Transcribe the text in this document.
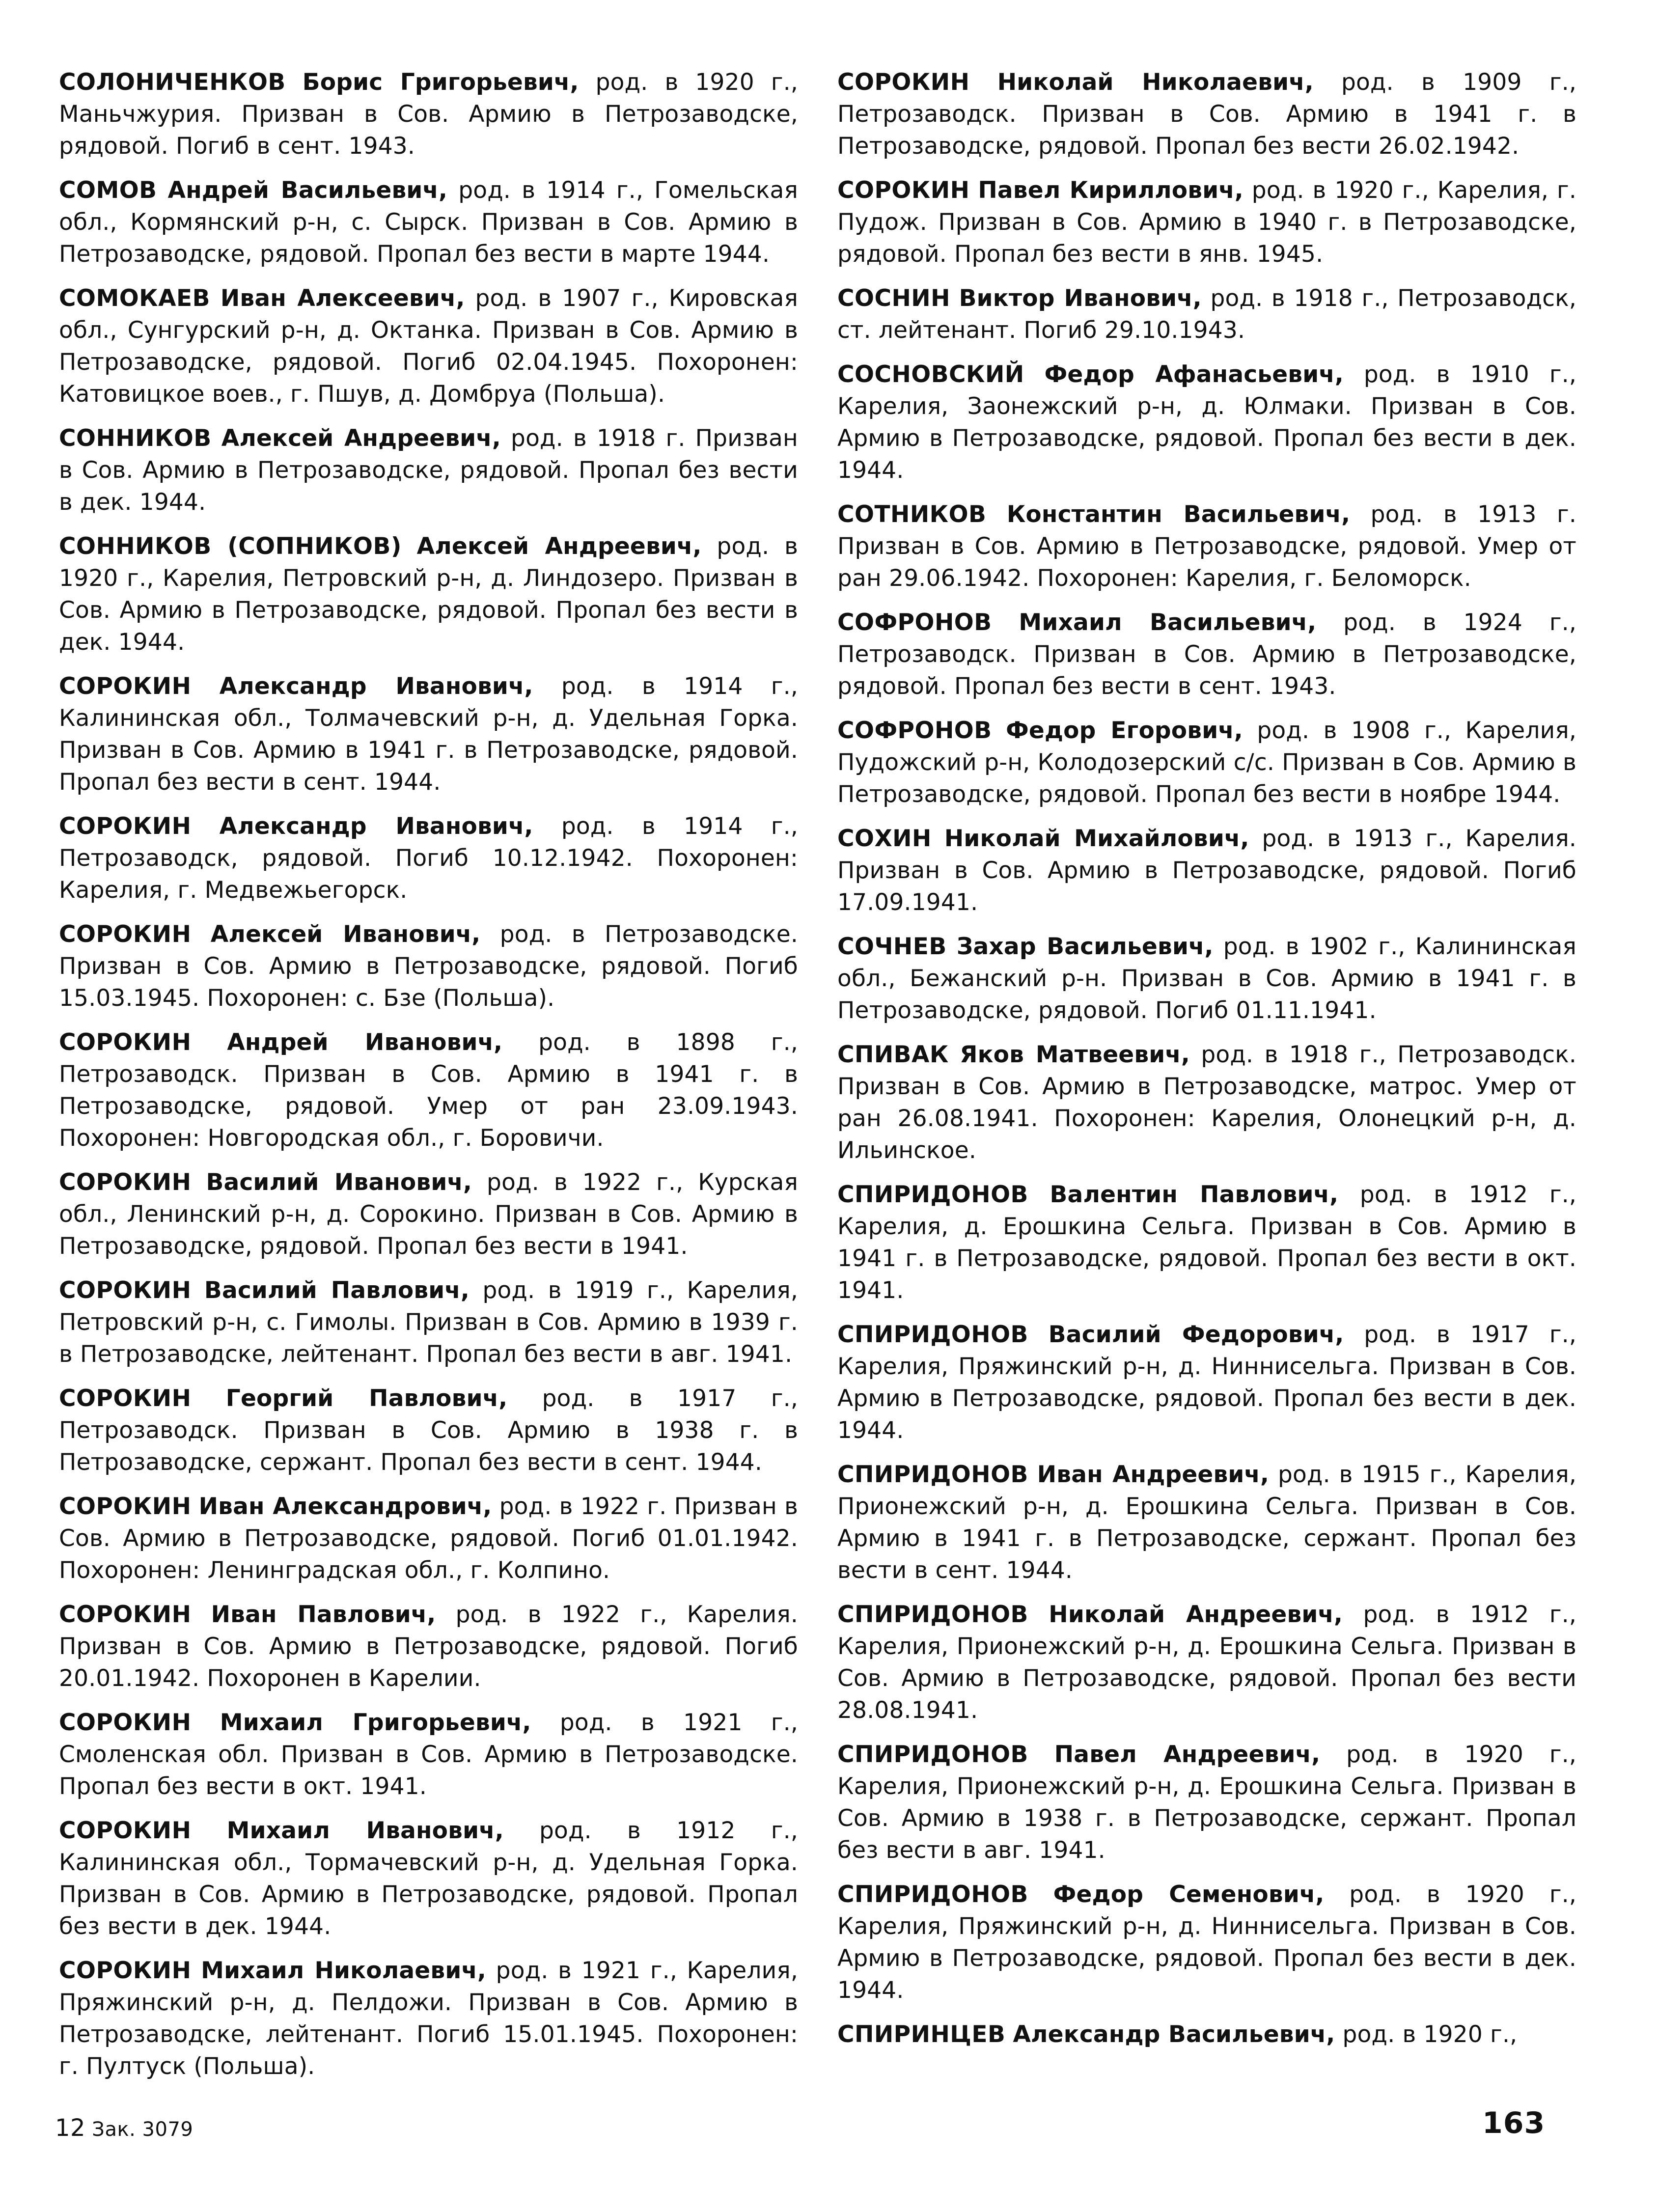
СОЛОНИЧЕНКОВ Борис Григорьевич, род. в 1920 г., Маньчжурия. Призван в Сов. Армию в Петрозаводске, рядовой. Погиб в сент. 1943.

СОМОВ Андрей Васильевич, род. в 1914 г., Гомельская обл., Кормянский р-н, с. Сырск. Призван в Сов. Армию в Петрозаводске, рядовой. Пропал без вести в марте 1944.

СОМОКАЕВ Иван Алексеевич, род. в 1907 г., Кировская обл., Сунгурский р-н, д. Октанка. Призван в Сов. Армию в Петрозаводске, рядовой. Погиб 02.04.1945. Похоронен: Катовицкое воев., г. Пшув, д. Домбруа (Польша).

СОННИКОВ Алексей Андреевич, род. в 1918 г. Призван в Сов. Армию в Петрозаводске, рядовой. Пропал без вести в дек. 1944.

СОННИКОВ (СОПНИКОВ) Алексей Андреевич, род. в 1920 г., Карелия, Петровский р-н, д. Линдозеро. Призван в Сов. Армию в Петрозаводске, рядовой. Пропал без вести в дек. 1944.

СОРОКИН Александр Иванович, род. в 1914 г., Калининская обл., Толмачевский р-н, д. Удельная Горка. Призван в Сов. Армию в 1941 г. в Петрозаводске, рядовой. Пропал без вести в сент. 1944.

СОРОКИН Александр Иванович, род. в 1914 г., Петрозаводск, рядовой. Погиб 10.12.1942. Похоронен: Карелия, г. Медвежьегорск.

СОРОКИН Алексей Иванович, род. в Петрозаводске. Призван в Сов. Армию в Петрозаводске, рядовой. Погиб 15.03.1945. Похоронен: с. Бзе (Польша).

СОРОКИН Андрей Иванович, род. в 1898 г., Петрозаводск. Призван в Сов. Армию в 1941 г. в Петрозаводске, рядовой. Умер от ран 23.09.1943. Похоронен: Новгородская обл., г. Боровичи.

СОРОКИН Василий Иванович, род. в 1922 г., Курская обл., Ленинский р-н, д. Сорокино. Призван в Сов. Армию в Петрозаводске, рядовой. Пропал без вести в 1941.

СОРОКИН Василий Павлович, род. в 1919 г., Карелия, Петровский р-н, с. Гимолы. Призван в Сов. Армию в 1939 г. в Петрозаводске, лейтенант. Пропал без вести в авг. 1941.

СОРОКИН Георгий Павлович, род. в 1917 г., Петрозаводск. Призван в Сов. Армию в 1938 г. в Петрозаводске, сержант. Пропал без вести в сент. 1944.

СОРОКИН Иван Александрович, род. в 1922 г. Призван в Сов. Армию в Петрозаводске, рядовой. Погиб 01.01.1942. Похоронен: Ленинградская обл., г. Колпино.

СОРОКИН Иван Павлович, род. в 1922 г., Карелия. Призван в Сов. Армию в Петрозаводске, рядовой. Погиб 20.01.1942. Похоронен в Карелии.

СОРОКИН Михаил Григорьевич, род. в 1921 г., Смоленская обл. Призван в Сов. Армию в Петрозаводске. Пропал без вести в окт. 1941.

СОРОКИН Михаил Иванович, род. в 1912 г., Калининская обл., Тормачевский р-н, д. Удельная Горка. Призван в Сов. Армию в Петрозаводске, рядовой. Пропал без вести в дек. 1944.

СОРОКИН Михаил Николаевич, род. в 1921 г., Карелия, Пряжинский р-н, д. Пелдожи. Призван в Сов. Армию в Петрозаводске, лейтенант. Погиб 15.01.1945. Похоронен: г. Пултуск (Польша).

СОРОКИН Николай Николаевич, род. в 1909 г., Петрозаводск. Призван в Сов. Армию в 1941 г. в Петрозаводске, рядовой. Пропал без вести 26.02.1942.

СОРОКИН Павел Кириллович, род. в 1920 г., Карелия, г. Пудож. Призван в Сов. Армию в 1940 г. в Петрозаводске, рядовой. Пропал без вести в янв. 1945.

СОСНИН Виктор Иванович, род. в 1918 г., Петрозаводск, ст. лейтенант. Погиб 29.10.1943.

СОСНОВСКИЙ Федор Афанасьевич, род. в 1910 г., Карелия, Заонежский р-н, д. Юлмаки. Призван в Сов. Армию в Петрозаводске, рядовой. Пропал без вести в дек. 1944.

СОТНИКОВ Константин Васильевич, род. в 1913 г. Призван в Сов. Армию в Петрозаводске, рядовой. Умер от ран 29.06.1942. Похоронен: Карелия, г. Беломорск.

СОФРОНОВ Михаил Васильевич, род. в 1924 г., Петрозаводск. Призван в Сов. Армию в Петрозаводске, рядовой. Пропал без вести в сент. 1943.

СОФРОНОВ Федор Егорович, род. в 1908 г., Карелия, Пудожский р-н, Колодозерский с/с. Призван в Сов. Армию в Петрозаводске, рядовой. Пропал без вести в ноябре 1944.

СОХИН Николай Михайлович, род. в 1913 г., Карелия. Призван в Сов. Армию в Петрозаводске, рядовой. Погиб 17.09.1941.

СОЧНЕВ Захар Васильевич, род. в 1902 г., Калининская обл., Бежанский р-н. Призван в Сов. Армию в 1941 г. в Петрозаводске, рядовой. Погиб 01.11.1941.

СПИВАК Яков Матвеевич, род. в 1918 г., Петрозаводск. Призван в Сов. Армию в Петрозаводске, матрос. Умер от ран 26.08.1941. Похоронен: Карелия, Олонецкий р-н, д. Ильинское.

СПИРИДОНОВ Валентин Павлович, род. в 1912 г., Карелия, д. Ерошкина Сельга. Призван в Сов. Армию в 1941 г. в Петрозаводске, рядовой. Пропал без вести в окт. 1941.

СПИРИДОНОВ Василий Федорович, род. в 1917 г., Карелия, Пряжинский р-н, д. Ниннисельга. Призван в Сов. Армию в Петрозаводске, рядовой. Пропал без вести в дек. 1944.

СПИРИДОНОВ Иван Андреевич, род. в 1915 г., Карелия, Прионежский р-н, д. Ерошкина Сельга. Призван в Сов. Армию в 1941 г. в Петрозаводске, сержант. Пропал без вести в сент. 1944.

СПИРИДОНОВ Николай Андреевич, род. в 1912 г., Карелия, Прионежский р-н, д. Ерошкина Сельга. Призван в Сов. Армию в Петрозаводске, рядовой. Пропал без вести 28.08.1941.

СПИРИДОНОВ Павел Андреевич, род. в 1920 г., Карелия, Прионежский р-н, д. Ерошкина Сельга. Призван в Сов. Армию в 1938 г. в Петрозаводске, сержант. Пропал без вести в авг. 1941.

СПИРИДОНОВ Федор Семенович, род. в 1920 г., Карелия, Пряжинский р-н, д. Ниннисельга. Призван в Сов. Армию в Петрозаводске, рядовой. Пропал без вести в дек. 1944.

СПИРИНЦЕВ Александр Васильевич, род. в 1920 г.,

12 Зак. 3079	163
